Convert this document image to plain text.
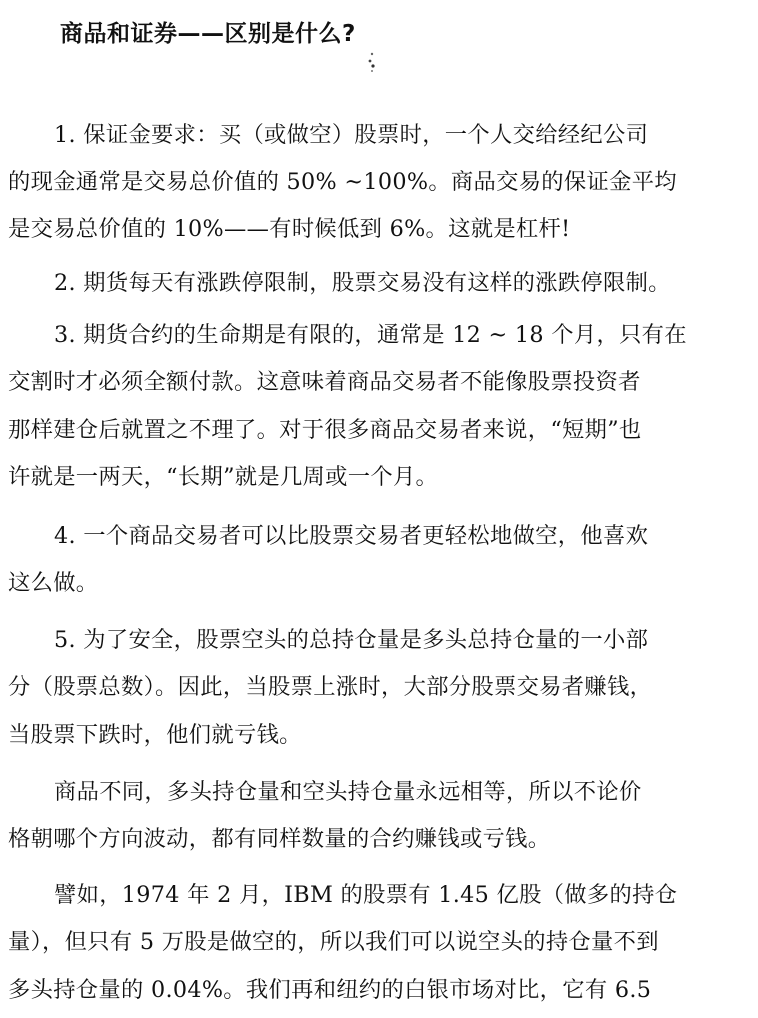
商品和证券——区别是什么?

1. 保证金要求：买（或做空）股票时，一个人交给经纪公司

的现金通常是交易总价值的 50% ~100%。商品交易的保证金平均

是交易总价值的 10%——有时候低到 6%。这就是杠杆!

2. 期货每天有涨跌停限制，股票交易没有这样的涨跌停限制。

3. 期货合约的生命期是有限的，通常是 12 ~ 18 个月，只有在

交割时才必须全额付款。这意味着商品交易者不能像股票投资者

那样建仓后就置之不理了。对于很多商品交易者来说，“短期”也

许就是一两天，“长期”就是几周或一个月。

4. 一个商品交易者可以比股票交易者更轻松地做空，他喜欢

这么做。

5. 为了安全，股票空头的总持仓量是多头总持仓量的一小部

分（股票总数）。因此，当股票上涨时，大部分股票交易者赚钱，

当股票下跌时，他们就亏钱。

商品不同，多头持仓量和空头持仓量永远相等，所以不论价

格朝哪个方向波动，都有同样数量的合约赚钱或亏钱。

譬如，1974 年 2 月，IBM 的股票有 1.45 亿股（做多的持仓

量），但只有 5 万股是做空的，所以我们可以说空头的持仓量不到

多头持仓量的 0.04%。我们再和纽约的白银市场对比，它有 6.5
